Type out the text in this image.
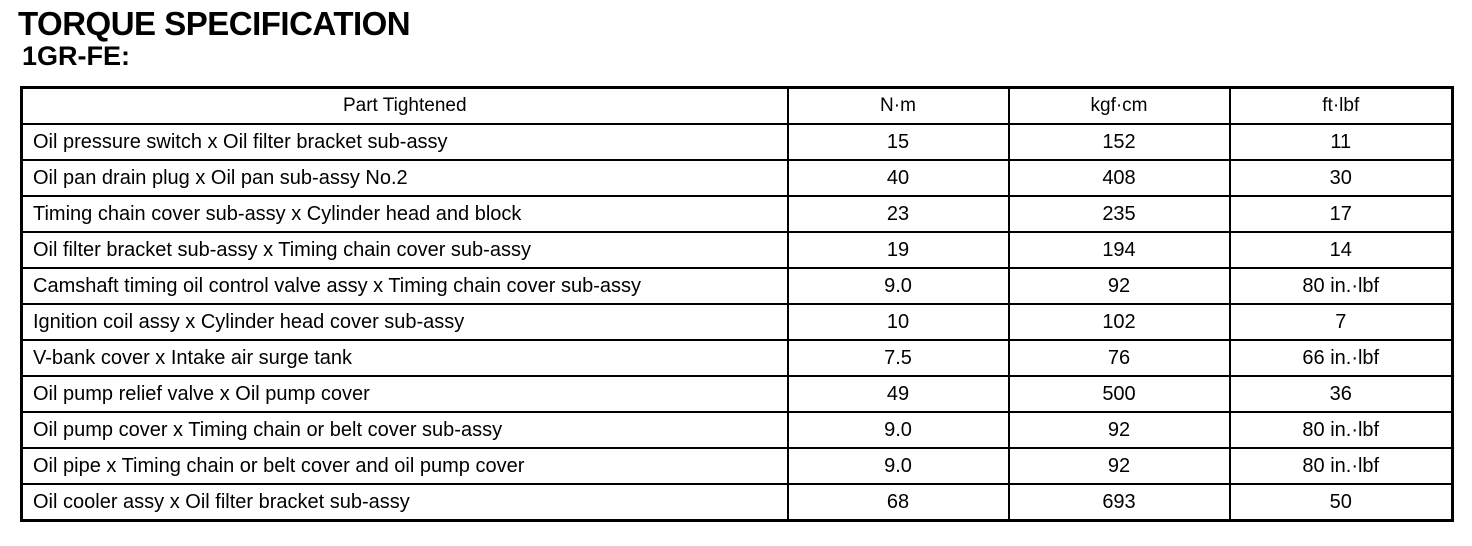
TORQUE SPECIFICATION
1GR-FE:
Part Tightened	N·m	kgf·cm	ft·lbf
Oil pressure switch x Oil filter bracket sub-assy	15	152	11
Oil pan drain plug x Oil pan sub-assy No.2	40	408	30
Timing chain cover sub-assy x Cylinder head and block	23	235	17
Oil filter bracket sub-assy x Timing chain cover sub-assy	19	194	14
Camshaft timing oil control valve assy x Timing chain cover sub-assy	9.0	92	80 in.·lbf
Ignition coil assy x Cylinder head cover sub-assy	10	102	7
V-bank cover x Intake air surge tank	7.5	76	66 in.·lbf
Oil pump relief valve x Oil pump cover	49	500	36
Oil pump cover x Timing chain or belt cover sub-assy	9.0	92	80 in.·lbf
Oil pipe x Timing chain or belt cover and oil pump cover	9.0	92	80 in.·lbf
Oil cooler assy x Oil filter bracket sub-assy	68	693	50
